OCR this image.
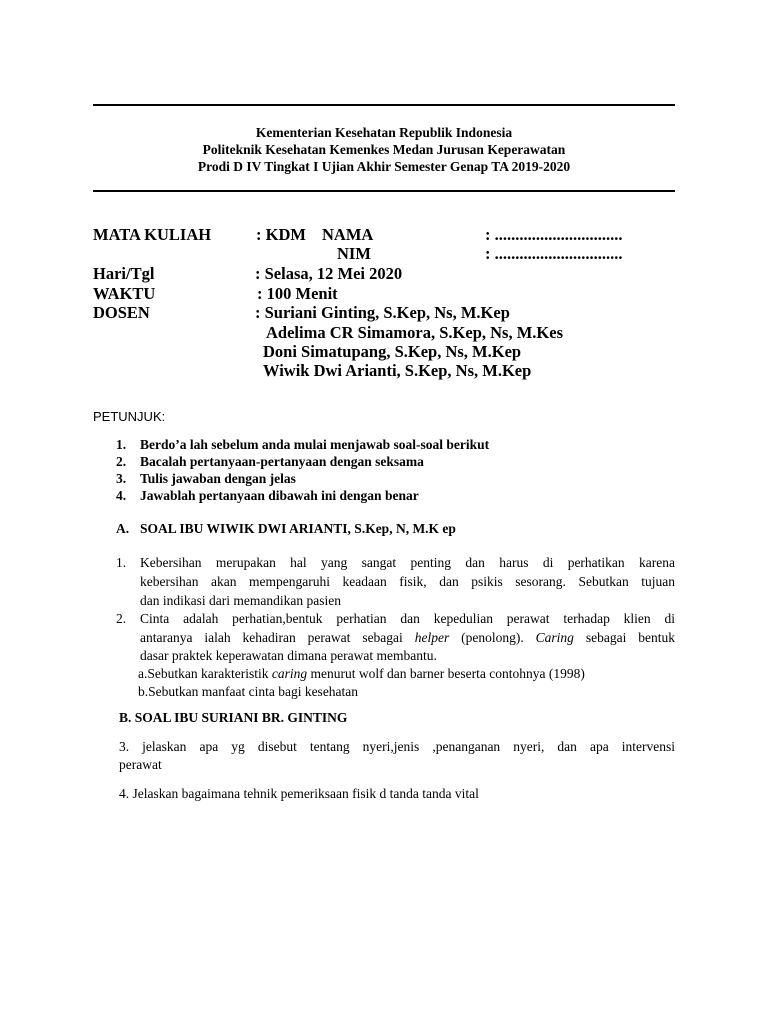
Kementerian Kesehatan Republik Indonesia
Politeknik Kesehatan Kemenkes Medan Jurusan Keperawatan
Prodi D IV Tingkat I Ujian Akhir Semester Genap TA 2019-2020
MATA KULIAH	: KDM NAMA	: ...............................
NIM	: ...............................
Hari/Tgl	: Selasa, 12 Mei 2020
WAKTU	: 100 Menit
DOSEN	: Suriani Ginting, S.Kep, Ns, M.Kep
Adelima CR Simamora, S.Kep, Ns, M.Kes
Doni Simatupang, S.Kep, Ns, M.Kep
Wiwik Dwi Arianti, S.Kep, Ns, M.Kep
PETUNJUK:
1. Berdo’a lah sebelum anda mulai menjawab soal-soal berikut
2. Bacalah pertanyaan-pertanyaan dengan seksama
3. Tulis jawaban dengan jelas
4. Jawablah pertanyaan dibawah ini dengan benar
A. SOAL IBU WIWIK DWI ARIANTI, S.Kep, N, M.K ep
1. Kebersihan merupakan hal yang sangat penting dan harus di perhatikan karena
kebersihan akan mempengaruhi keadaan fisik, dan psikis sesorang. Sebutkan tujuan
dan indikasi dari memandikan pasien
2. Cinta adalah perhatian,bentuk perhatian dan kepedulian perawat terhadap klien di
antaranya ialah kehadiran perawat sebagai helper (penolong). Caring sebagai bentuk
dasar praktek keperawatan dimana perawat membantu.
a.Sebutkan karakteristik caring menurut wolf dan barner beserta contohnya (1998)
b.Sebutkan manfaat cinta bagi kesehatan
B. SOAL IBU SURIANI BR. GINTING
3. jelaskan apa yg disebut tentang nyeri,jenis ,penanganan nyeri, dan apa intervensi
perawat
4. Jelaskan bagaimana tehnik pemeriksaan fisik d tanda tanda vital
